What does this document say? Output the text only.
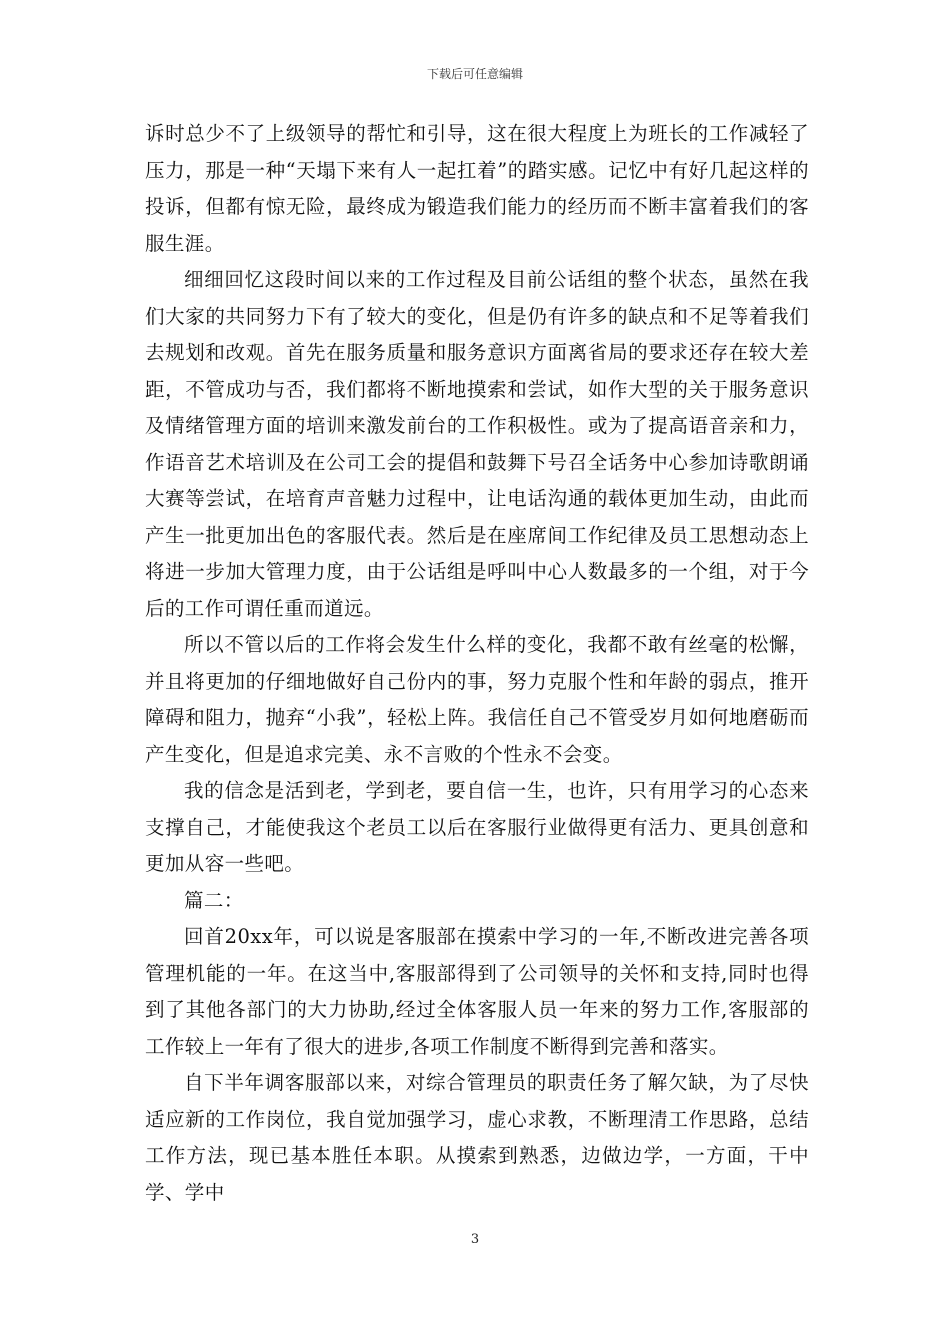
下载后可任意编辑

诉时总少不了上级领导的帮忙和引导，这在很大程度上为班长的工作减轻了压力，那是一种“天塌下来有人一起扛着”的踏实感。记忆中有好几起这样的投诉，但都有惊无险，最终成为锻造我们能力的经历而不断丰富着我们的客服生涯。

细细回忆这段时间以来的工作过程及目前公话组的整个状态，虽然在我们大家的共同努力下有了较大的变化，但是仍有许多的缺点和不足等着我们去规划和改观。首先在服务质量和服务意识方面离省局的要求还存在较大差距，不管成功与否，我们都将不断地摸索和尝试，如作大型的关于服务意识及情绪管理方面的培训来激发前台的工作积极性。或为了提高语音亲和力，作语音艺术培训及在公司工会的提倡和鼓舞下号召全话务中心参加诗歌朗诵大赛等尝试，在培育声音魅力过程中，让电话沟通的载体更加生动，由此而产生一批更加出色的客服代表。然后是在座席间工作纪律及员工思想动态上将进一步加大管理力度，由于公话组是呼叫中心人数最多的一个组，对于今后的工作可谓任重而道远。

所以不管以后的工作将会发生什么样的变化，我都不敢有丝毫的松懈，并且将更加的仔细地做好自己份内的事，努力克服个性和年龄的弱点，推开障碍和阻力，抛弃“小我”，轻松上阵。我信任自己不管受岁月如何地磨砺而产生变化，但是追求完美、永不言败的个性永不会变。

我的信念是活到老，学到老，要自信一生，也许，只有用学习的心态来支撑自己，才能使我这个老员工以后在客服行业做得更有活力、更具创意和更加从容一些吧。

篇二：

回首20xx年，可以说是客服部在摸索中学习的一年,不断改进完善各项管理机能的一年。在这当中,客服部得到了公司领导的关怀和支持,同时也得到了其他各部门的大力协助,经过全体客服人员一年来的努力工作,客服部的工作较上一年有了很大的进步,各项工作制度不断得到完善和落实。

自下半年调客服部以来，对综合管理员的职责任务了解欠缺，为了尽快适应新的工作岗位，我自觉加强学习，虚心求教，不断理清工作思路，总结工作方法，现已基本胜任本职。从摸索到熟悉，边做边学，一方面，干中学、学中

3
